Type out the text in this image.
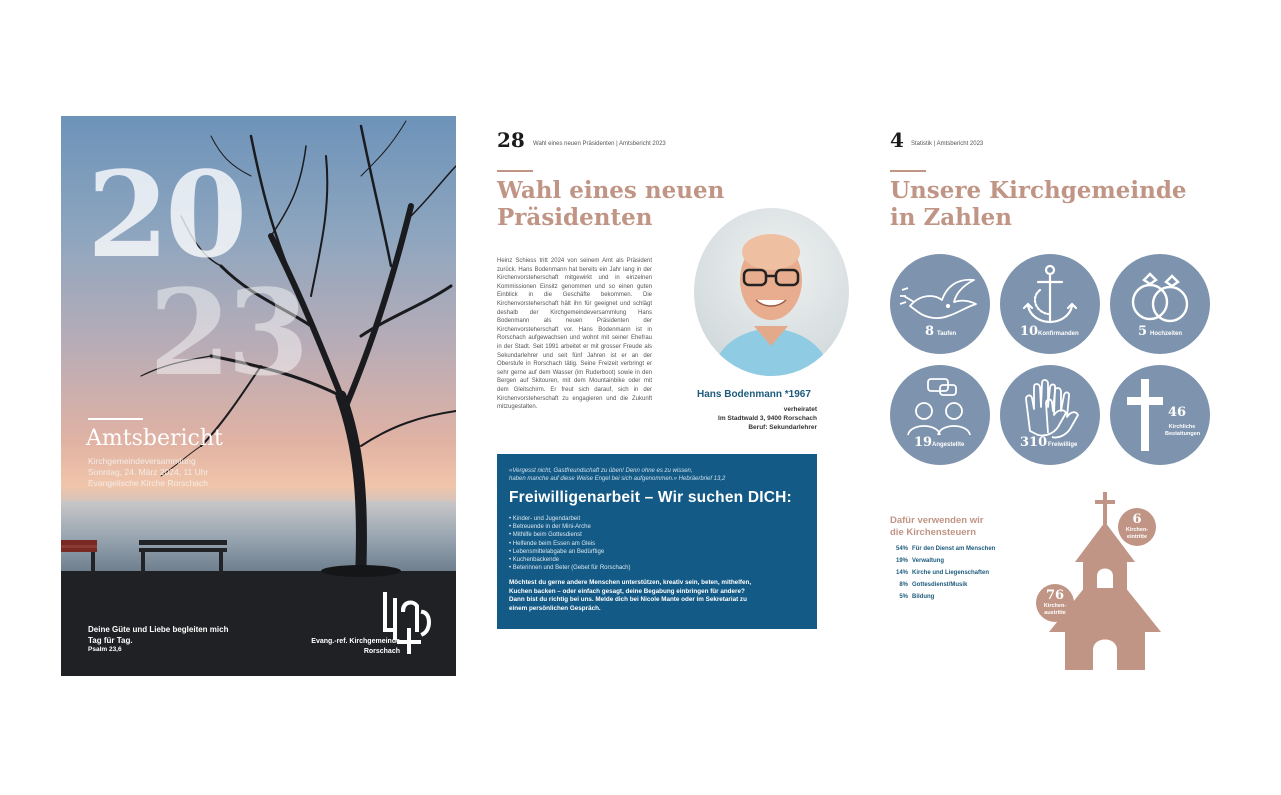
20
23
Amtsbericht
Kirchgemeindeversammlung
Sonntag, 24. März 2024, 11 Uhr
Evangelische Kirche Rorschach
Deine Güte und Liebe begleiten mich Tag für Tag.
Psalm 23,6
Evang.-ref. Kirchgemeinde
Rorschach
28 Wahl eines neuen Präsidenten | Amtsbericht 2023
Wahl eines neuen
Präsidenten
Heinz Schiess tritt 2024 von seinem Amt als Präsident zurück. Hans Bodenmann hat bereits ein Jahr lang in der Kirchenvorsteherschaft mitgewirkt und in einzelnen Kommissionen Einsitz genommen und so einen guten Einblick in die Geschäfte bekommen. Die Kirchenvorsteherschaft hält ihn für geeignet und schlägt deshalb der Kirchgemeindeversammlung Hans Bodenmann als neuen Präsidenten der Kirchenvorsteherschaft vor. Hans Bodenmann ist in Rorschach aufgewachsen und wohnt mit seiner Ehefrau in der Stadt. Seit 1991 arbeitet er mit grosser Freude als Sekundarlehrer und seit fünf Jahren ist er an der Oberstufe in Rorschach tätig. Seine Freizeit verbringt er sehr gerne auf dem Wasser (im Ruderboot) sowie in den Bergen auf Skitouren, mit dem Mountainbike oder mit dem Gleitschirm. Er freut sich darauf, sich in der Kirchenvorsteherschaft zu engagieren und die Zukunft mitzugestalten.
Hans Bodenmann *1967
verheiratet
Im Stadtwald 3, 9400 Rorschach
Beruf: Sekundarlehrer
«Vergesst nicht, Gastfreundschaft zu üben! Denn ohne es zu wissen,
haben manche auf diese Weise Engel bei sich aufgenommen.» Hebräerbrief 13,2
Freiwilligenarbeit – Wir suchen DICH:
• Kinder- und Jugendarbeit
• Betreuende in der Mini-Arche
• Mithilfe beim Gottesdienst
• Helfende beim Essen am Gleis
• Lebensmittelabgabe an Bedürftige
• Kuchenbackende
• Beterinnen und Beter (Gebet für Rorschach)
Möchtest du gerne andere Menschen unterstützen, kreativ sein, beten, mithelfen,
Kuchen backen – oder einfach gesagt, deine Begabung einbringen für andere?
Dann bist du richtig bei uns. Melde dich bei Nicole Mante oder im Sekretariat zu
einem persönlichen Gespräch.
4 Statistik | Amtsbericht 2023
Unsere Kirchgemeinde
in Zahlen
8 Taufen	10 Konfirmanden	5 Hochzeiten
19 Angestellte	310 Freiwillige
46
Kirchliche
Bestattungen
Dafür verwenden wir
die Kirchensteuern
54% Für den Dienst am Menschen
19% Verwaltung
14% Kirche und Liegenschaften
8% Gottesdienst/Musik
5% Bildung
6
Kirchen-
eintritte
76
Kirchen-
austritte
